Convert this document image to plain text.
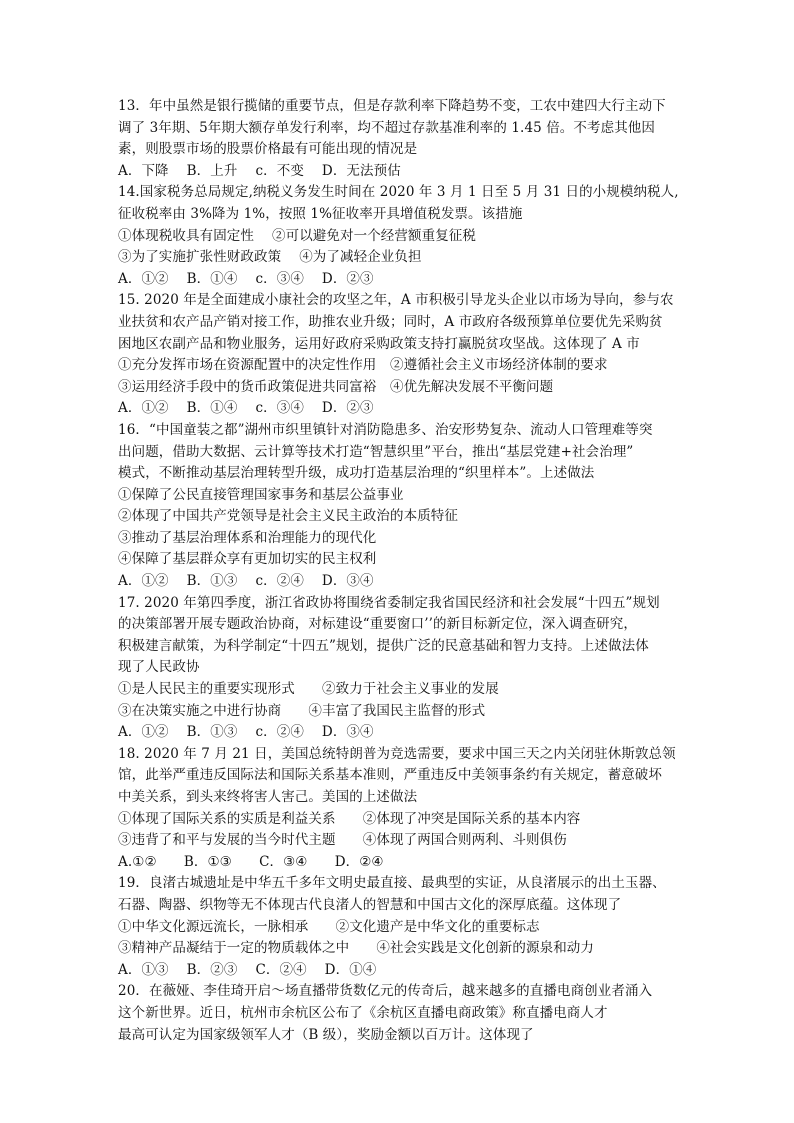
13．年中虽然是银行揽储的重要节点，但是存款利率下降趋势不变，工农中建四大行主动下
调了 3年期、5年期大额存单发行利率，均不超过存款基准利率的 1.45 倍。不考虑其他因
素，则股票市场的股票价格最有可能出现的情况是
A．下降　 B．上升　 c．不变　 D．无法预估
14.国家税务总局规定,纳税义务发生时间在 2020 年 3 月 1 日至 5 月 31 日的小规模纳税人,
征收税率由 3%降为 1%，按照 1%征收率开具增值税发票。该措施
①体现税收具有固定性　 ②可以避免对一个经营额重复征税
③为了实施扩张性财政政策　 ④为了减轻企业负担
A．①②　 B．①④　 c．③④　 D．②③
15. 2020 年是全面建成小康社会的攻坚之年，A 市积极引导龙头企业以市场为导向，参与农
业扶贫和农产品产销对接工作，助推农业升级；同时，A 市政府各级预算单位要优先采购贫
困地区农副产品和物业服务，运用好政府采购政策支持打赢脱贫攻坚战。这体现了 A 市
①充分发挥市场在资源配置中的决定性作用　②遵循社会主义市场经济体制的要求
③运用经济手段中的货币政策促进共同富裕　④优先解决发展不平衡问题
A．①②　 B．①④　 c．③④　 D．②③
16．“中国童装之都”湖州市织里镇针对消防隐患多、治安形势复杂、流动人口管理难等突
出问题，借助大数据、云计算等技术打造“智慧织里”平台，推出“基层党建+社会治理”
模式，不断推动基层治理转型升级，成功打造基层治理的“织里样本”。上述做法
①保障了公民直接管理国家事务和基层公益事业
②体现了中国共产党领导是社会主义民主政治的本质特征
③推动了基层治理体系和治理能力的现代化
④保障了基层群众享有更加切实的民主权利
A．①②　 B．①③　 c．②④　 D．③④
17. 2020 年第四季度，浙江省政协将围绕省委制定我省国民经济和社会发展“十四五”规划
的决策部署开展专题政治协商，对标建设“重要窗口’’的新目标新定位，深入调查研究，
积极建言献策，为科学制定“十四五”规划，提供广泛的民意基础和智力支持。上述做法体
现了人民政协
①是人民民主的重要实现形式　　②致力于社会主义事业的发展
③在决策实施之中进行协商　　④丰富了我国民主监督的形式
A．①②　 B．①③　 c．②④　 D．③④
18. 2020 年 7 月 21 日，美国总统特朗普为竞选需要，要求中国三天之内关闭驻休斯敦总领
馆，此举严重违反国际法和国际关系基本准则，严重违反中美领事条约有关规定，蓄意破坏
中美关系，到头来终将害人害己。美国的上述做法
①体现了国际关系的实质是利益关系　　②体现了冲突是国际关系的基本内容
③违背了和平与发展的当今时代主题　　④体现了两国合则两利、斗则俱伤
A.①②　　B．①③　　C．③④　　D．②④
19．良渚古城遗址是中华五千多年文明史最直接、最典型的实证，从良渚展示的出土玉器、
石器、陶器、织物等无不体现古代良渚人的智慧和中国古文化的深厚底蕴。这体现了
①中华文化源远流长，一脉相承　　②文化遗产是中华文化的重要标志
③精神产品凝结于一定的物质载体之中　　④社会实践是文化创新的源泉和动力
A．①③　 B．②③　 C．②④　 D．①④
20．在薇娅、李佳琦开启～场直播带货数亿元的传奇后，越来越多的直播电商创业者涌入
这个新世界。近日，杭州市余杭区公布了《余杭区直播电商政策》称直播电商人才
最高可认定为国家级领军人才（B 级），奖励金额以百万计。这体现了
